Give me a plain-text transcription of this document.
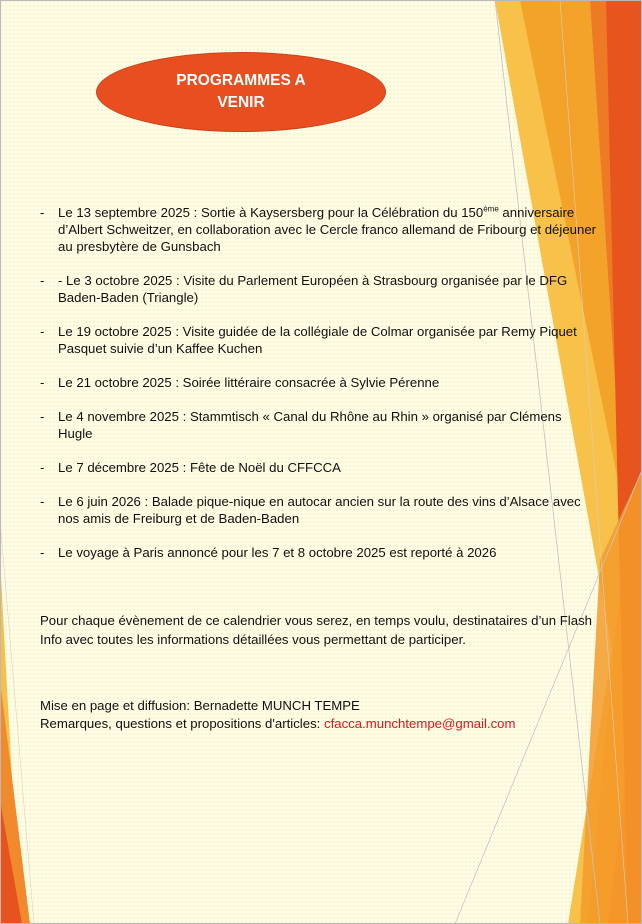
PROGRAMMES A VENIR
- Le 13 septembre 2025 : Sortie à Kaysersberg pour la Célébration du 150ème anniversaire d’Albert Schweitzer, en collaboration avec le Cercle franco allemand de Fribourg et déjeuner au presbytère de Gunsbach
- - Le 3 octobre 2025 : Visite du Parlement Européen à Strasbourg organisée par le DFG Baden-Baden (Triangle)
- Le 19 octobre 2025 : Visite guidée de la collégiale de Colmar organisée par Remy Piquet Pasquet suivie d’un Kaffee Kuchen
- Le 21 octobre 2025 : Soirée littéraire consacrée à Sylvie Pérenne
- Le 4 novembre 2025 : Stammtisch « Canal du Rhône au Rhin » organisé par Clémens Hugle
- Le 7 décembre 2025 : Fête de Noël du CFFCCA
- Le 6 juin 2026 : Balade pique-nique en autocar ancien sur la route des vins d’Alsace avec nos amis de Freiburg et de Baden-Baden
- Le voyage à Paris annoncé pour les 7 et 8 octobre 2025 est reporté à 2026

Pour chaque évènement de ce calendrier vous serez, en temps voulu, destinataires d’un Flash Info avec toutes les informations détaillées vous permettant de participer.

Mise en page et diffusion: Bernadette MUNCH TEMPE
Remarques, questions et propositions d'articles: cfacca.munchtempe@gmail.com
